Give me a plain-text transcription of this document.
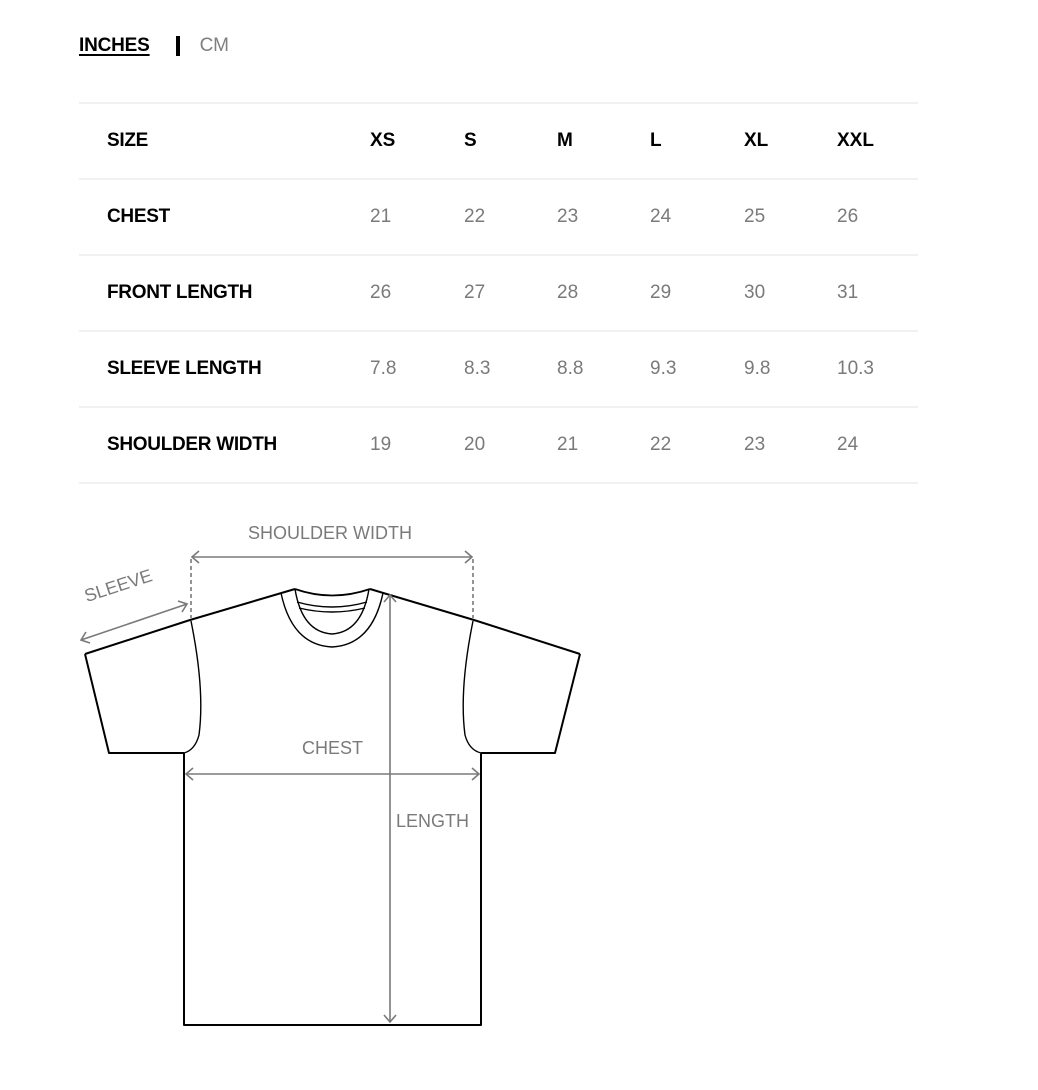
INCHES	CM
SIZE	XS	S	M	L	XL	XXL
CHEST	21	22	23	24	25	26
FRONT LENGTH	26	27	28	29	30	31
SLEEVE LENGTH	7.8	8.3	8.8	9.3	9.8	10.3
SHOULDER WIDTH	19	20	21	22	23	24
SHOULDER WIDTH
SLEEVE
CHEST
LENGTH
